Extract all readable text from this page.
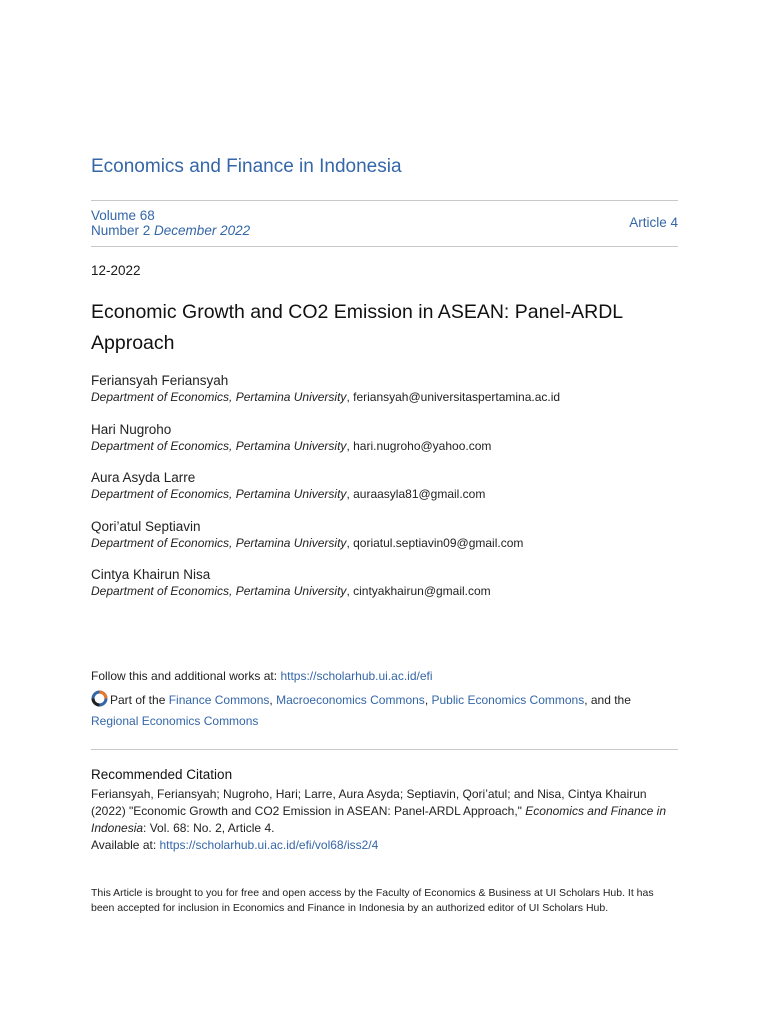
Economics and Finance in Indonesia
Volume 68
Number 2 December 2022
Article 4
12-2022
Economic Growth and CO2 Emission in ASEAN: Panel-ARDL Approach
Feriansyah Feriansyah
Department of Economics, Pertamina University, feriansyah@universitaspertamina.ac.id
Hari Nugroho
Department of Economics, Pertamina University, hari.nugroho@yahoo.com
Aura Asyda Larre
Department of Economics, Pertamina University, auraasyla81@gmail.com
Qori’atul Septiavin
Department of Economics, Pertamina University, qoriatul.septiavin09@gmail.com
Cintya Khairun Nisa
Department of Economics, Pertamina University, cintyakhairun@gmail.com
Follow this and additional works at: https://scholarhub.ui.ac.id/efi
Part of the Finance Commons, Macroeconomics Commons, Public Economics Commons, and the
Regional Economics Commons
Recommended Citation
Feriansyah, Feriansyah; Nugroho, Hari; Larre, Aura Asyda; Septiavin, Qori’atul; and Nisa, Cintya Khairun
(2022) "Economic Growth and CO2 Emission in ASEAN: Panel-ARDL Approach," Economics and Finance in Indonesia: Vol. 68: No. 2, Article 4.
Available at: https://scholarhub.ui.ac.id/efi/vol68/iss2/4
This Article is brought to you for free and open access by the Faculty of Economics & Business at UI Scholars Hub. It has been accepted for inclusion in Economics and Finance in Indonesia by an authorized editor of UI Scholars Hub.
